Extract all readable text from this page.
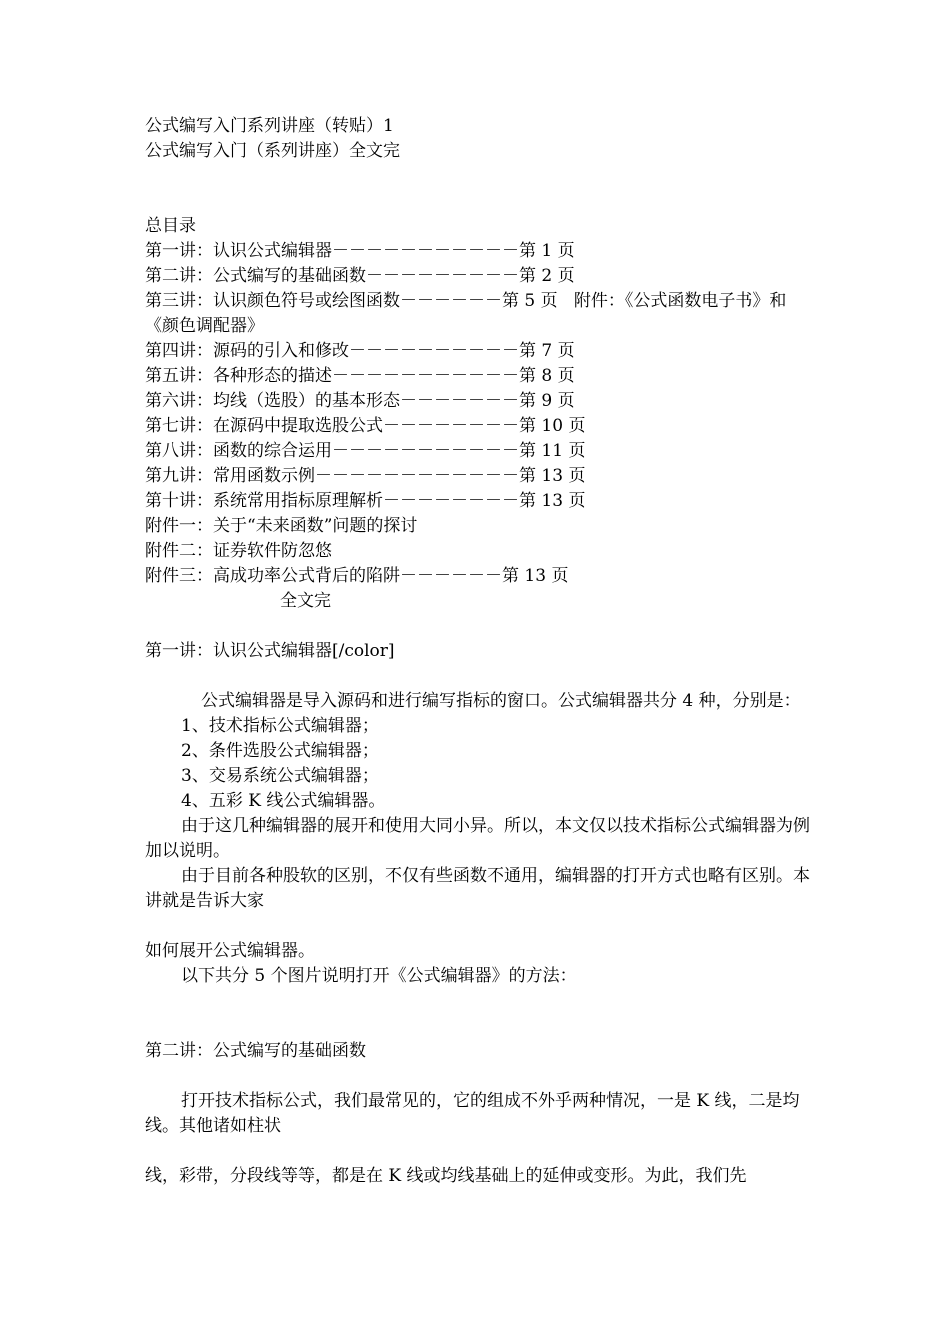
公式编写入门系列讲座（转贴）1

公式编写入门（系列讲座）全文完

总目录

第一讲：认识公式编辑器－－－－－－－－－－－第 1 页

第二讲：公式编写的基础函数－－－－－－－－－第 2 页

第三讲：认识颜色符号或绘图函数－－－－－－第 5 页   附件：《公式函数电子书》和《颜色调配器》

第四讲：源码的引入和修改－－－－－－－－－－第 7 页

第五讲：各种形态的描述－－－－－－－－－－－第 8 页

第六讲：均线（选股）的基本形态－－－－－－－第 9 页

第七讲：在源码中提取选股公式－－－－－－－－第 10 页

第八讲：函数的综合运用－－－－－－－－－－－第 11 页

第九讲：常用函数示例－－－－－－－－－－－－第 13 页

第十讲：系统常用指标原理解析－－－－－－－－第 13 页

附件一：关于“未来函数”问题的探讨

附件二：证券软件防忽悠

附件三：高成功率公式背后的陷阱－－－－－－第 13 页

全文完

第一讲：认识公式编辑器[/color]

公式编辑器是导入源码和进行编写指标的窗口。公式编辑器共分 4 种，分别是：

1、技术指标公式编辑器；

2、条件选股公式编辑器；

3、交易系统公式编辑器；

4、五彩 K 线公式编辑器。

由于这几种编辑器的展开和使用大同小异。所以，本文仅以技术指标公式编辑器为例加以说明。

由于目前各种股软的区别，不仅有些函数不通用，编辑器的打开方式也略有区别。本讲就是告诉大家

如何展开公式编辑器。

以下共分 5 个图片说明打开《公式编辑器》的方法：

第二讲：公式编写的基础函数

打开技术指标公式，我们最常见的，它的组成不外乎两种情况，一是 K 线，二是均线。其他诸如柱状

线，彩带，分段线等等，都是在 K 线或均线基础上的延伸或变形。为此，我们先
